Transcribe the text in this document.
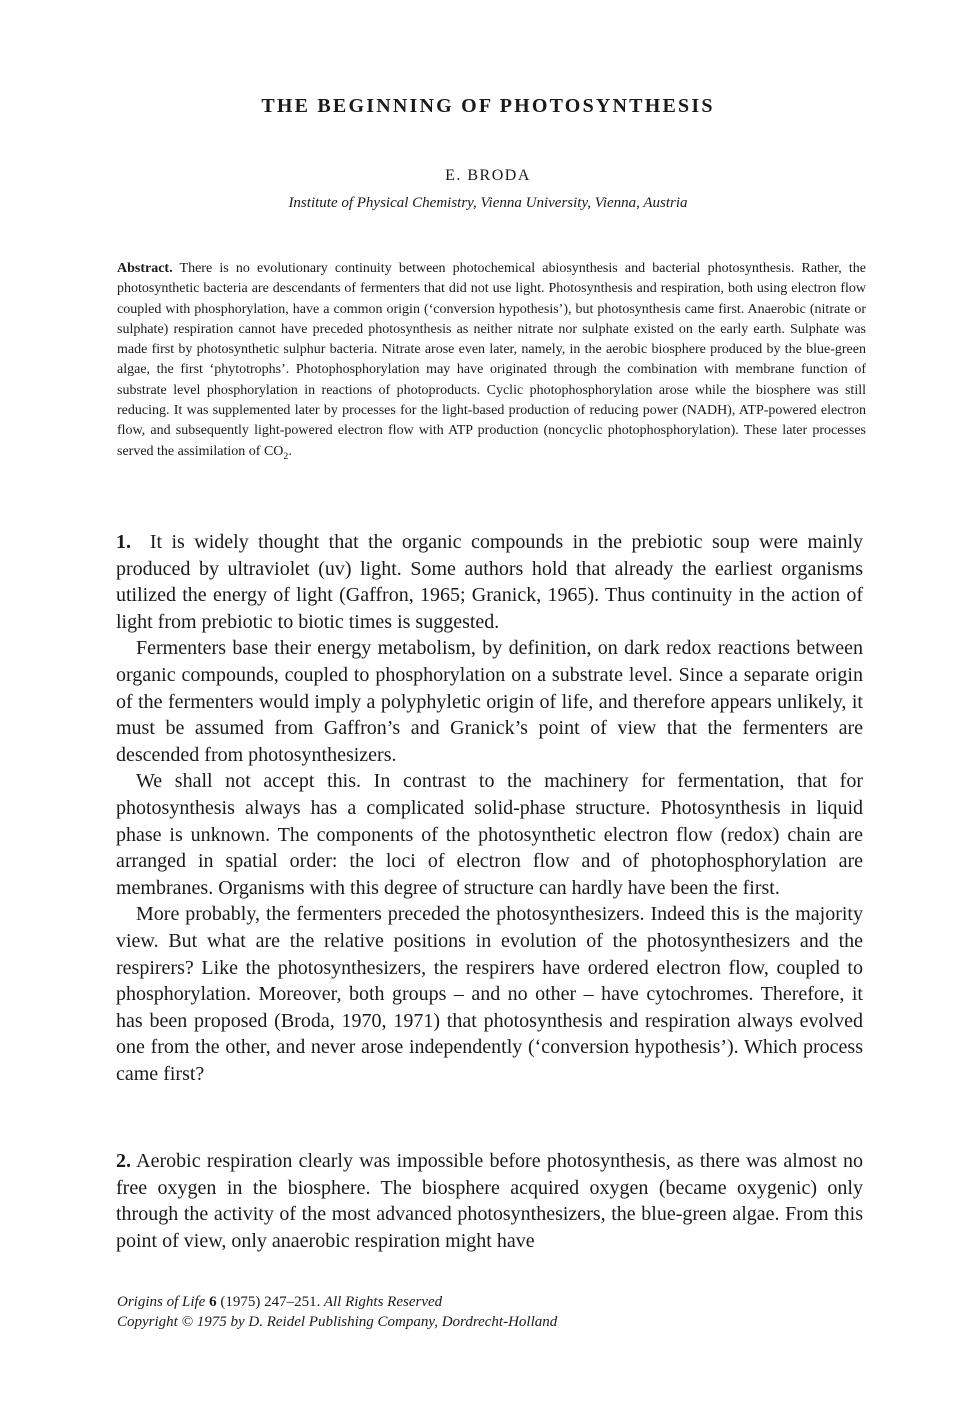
THE BEGINNING OF PHOTOSYNTHESIS
E. BRODA
Institute of Physical Chemistry, Vienna University, Vienna, Austria
Abstract. There is no evolutionary continuity between photochemical abiosynthesis and bacterial photosynthesis. Rather, the photosynthetic bacteria are descendants of fermenters that did not use light. Photosynthesis and respiration, both using electron flow coupled with phosphorylation, have a common origin (‘conversion hypothesis’), but photosynthesis came first. Anaerobic (nitrate or sulphate) respiration cannot have preceded photosynthesis as neither nitrate nor sulphate existed on the early earth. Sulphate was made first by photosynthetic sulphur bacteria. Nitrate arose even later, namely, in the aerobic biosphere produced by the blue-green algae, the first ‘phytotrophs’. Photophosphorylation may have originated through the combination with membrane function of substrate level phosphorylation in reactions of photoproducts. Cyclic photophosphorylation arose while the biosphere was still reducing. It was supplemented later by processes for the light-based production of reducing power (NADH), ATP-powered electron flow, and subsequently light-powered electron flow with ATP production (noncyclic photophosphorylation). These later processes served the assimilation of $CO_2$.

1. It is widely thought that the organic compounds in the prebiotic soup were mainly produced by ultraviolet (uv) light. Some authors hold that already the earliest organisms utilized the energy of light (Gaffron, 1965; Granick, 1965). Thus continuity in the action of light from prebiotic to biotic times is suggested.

Fermenters base their energy metabolism, by definition, on dark redox reactions between organic compounds, coupled to phosphorylation on a substrate level. Since a separate origin of the fermenters would imply a polyphyletic origin of life, and therefore appears unlikely, it must be assumed from Gaffron’s and Granick’s point of view that the fermenters are descended from photosynthesizers.

We shall not accept this. In contrast to the machinery for fermentation, that for photosynthesis always has a complicated solid-phase structure. Photosynthesis in liquid phase is unknown. The components of the photosynthetic electron flow (redox) chain are arranged in spatial order: the loci of electron flow and of photophosphorylation are membranes. Organisms with this degree of structure can hardly have been the first.

More probably, the fermenters preceded the photosynthesizers. Indeed this is the majority view. But what are the relative positions in evolution of the photosynthesizers and the respirers? Like the photosynthesizers, the respirers have ordered electron flow, coupled to phosphorylation. Moreover, both groups – and no other – have cytochromes. Therefore, it has been proposed (Broda, 1970, 1971) that photosynthesis and respiration always evolved one from the other, and never arose independently (‘conversion hypothesis’). Which process came first?

2. Aerobic respiration clearly was impossible before photosynthesis, as there was almost no free oxygen in the biosphere. The biosphere acquired oxygen (became oxygenic) only through the activity of the most advanced photosynthesizers, the blue-green algae. From this point of view, only anaerobic respiration might have

Origins of Life 6 (1975) 247–251. All Rights Reserved
Copyright © 1975 by D. Reidel Publishing Company, Dordrecht-Holland
